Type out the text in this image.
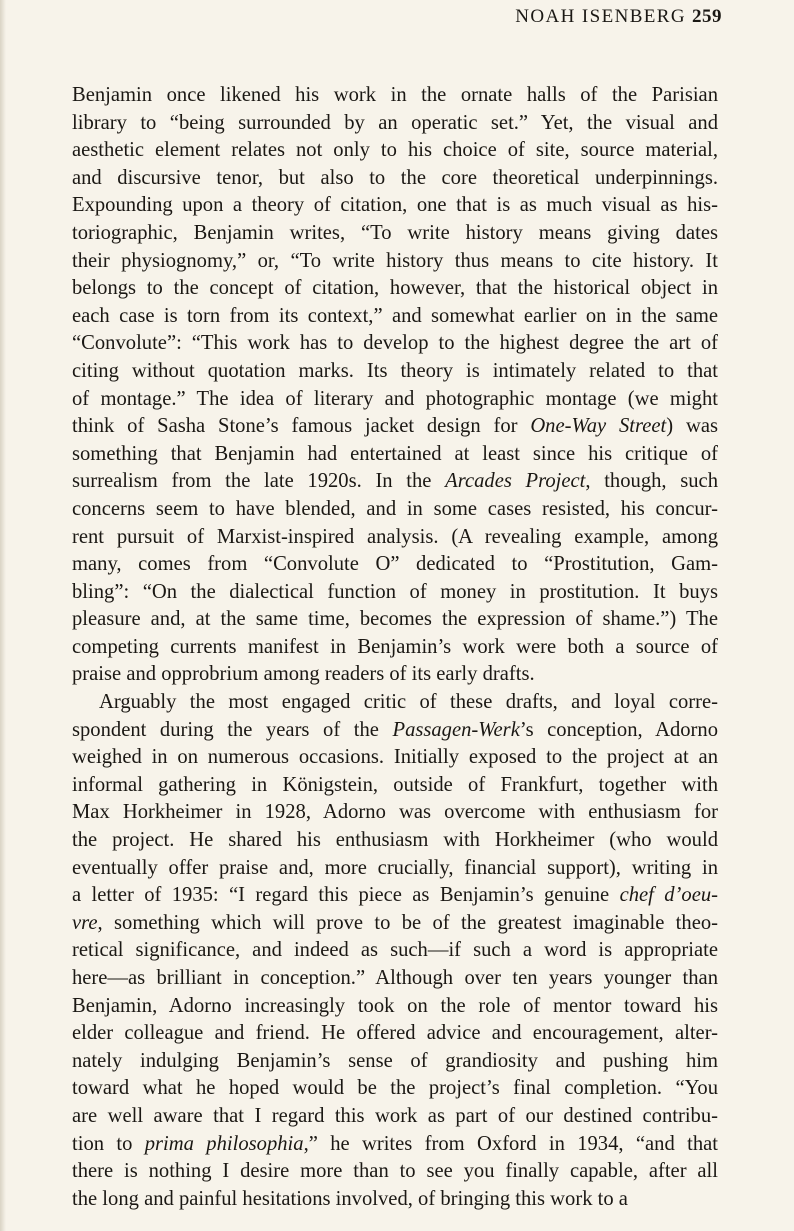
NOAH ISENBERG 259
Benjamin once likened his work in the ornate halls of the Parisian
library to “being surrounded by an operatic set.” Yet, the visual and
aesthetic element relates not only to his choice of site, source material,
and discursive tenor, but also to the core theoretical underpinnings.
Expounding upon a theory of citation, one that is as much visual as his-
toriographic, Benjamin writes, “To write history means giving dates
their physiognomy,” or, “To write history thus means to cite history. It
belongs to the concept of citation, however, that the historical object in
each case is torn from its context,” and somewhat earlier on in the same
“Convolute”: “This work has to develop to the highest degree the art of
citing without quotation marks. Its theory is intimately related to that
of montage.” The idea of literary and photographic montage (we might
think of Sasha Stone’s famous jacket design for One-Way Street) was
something that Benjamin had entertained at least since his critique of
surrealism from the late 1920s. In the Arcades Project, though, such
concerns seem to have blended, and in some cases resisted, his concur-
rent pursuit of Marxist-inspired analysis. (A revealing example, among
many, comes from “Convolute O” dedicated to “Prostitution, Gam-
bling”: “On the dialectical function of money in prostitution. It buys
pleasure and, at the same time, becomes the expression of shame.”) The
competing currents manifest in Benjamin’s work were both a source of
praise and opprobrium among readers of its early drafts.
Arguably the most engaged critic of these drafts, and loyal corre-
spondent during the years of the Passagen-Werk’s conception, Adorno
weighed in on numerous occasions. Initially exposed to the project at an
informal gathering in Königstein, outside of Frankfurt, together with
Max Horkheimer in 1928, Adorno was overcome with enthusiasm for
the project. He shared his enthusiasm with Horkheimer (who would
eventually offer praise and, more crucially, financial support), writing in
a letter of 1935: “I regard this piece as Benjamin’s genuine chef d’oeu-
vre, something which will prove to be of the greatest imaginable theo-
retical significance, and indeed as such—if such a word is appropriate
here—as brilliant in conception.” Although over ten years younger than
Benjamin, Adorno increasingly took on the role of mentor toward his
elder colleague and friend. He offered advice and encouragement, alter-
nately indulging Benjamin’s sense of grandiosity and pushing him
toward what he hoped would be the project’s final completion. “You
are well aware that I regard this work as part of our destined contribu-
tion to prima philosophia,” he writes from Oxford in 1934, “and that
there is nothing I desire more than to see you finally capable, after all
the long and painful hesitations involved, of bringing this work to a
